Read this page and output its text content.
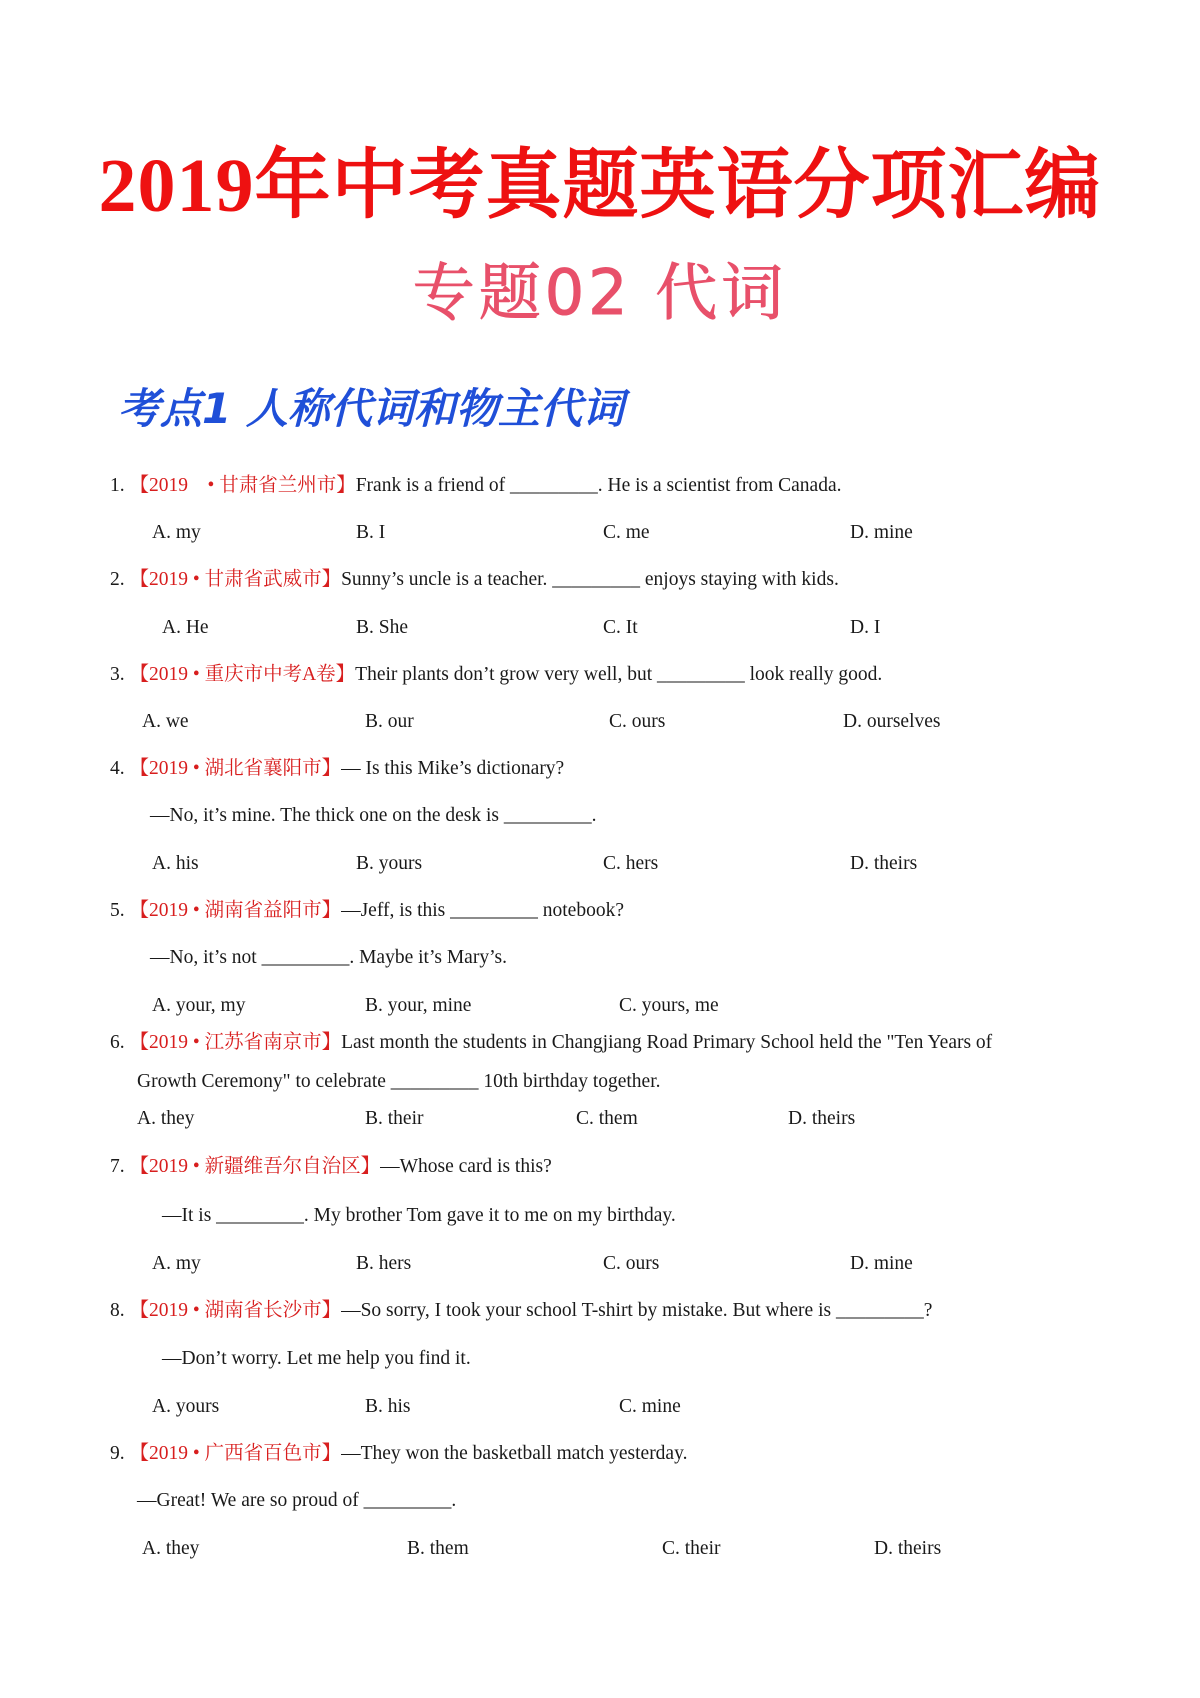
2019年中考真题英语分项汇编
专题02 代词
考点1 人称代词和物主代词
1. 【2019　• 甘肃省兰州市】Frank is a friend of _________. He is a scientist from Canada.
A. my	B. I	C. me	D. mine
2. 【2019 • 甘肃省武威市】Sunny’s uncle is a teacher. _________ enjoys staying with kids.
A. He	B. She	C. It	D. I
3. 【2019 • 重庆市中考A卷】Their plants don’t grow very well, but _________ look really good.
A. we	B. our	C. ours	D. ourselves
4. 【2019 • 湖北省襄阳市】— Is this Mike’s dictionary?
—No, it’s mine. The thick one on the desk is _________.
A. his	B. yours	C. hers	D. theirs
5. 【2019 • 湖南省益阳市】—Jeff, is this _________ notebook?
—No, it’s not _________. Maybe it’s Mary’s.
A. your, my	B. your, mine	C. yours, me
6. 【2019 • 江苏省南京市】Last month the students in Changjiang Road Primary School held the "Ten Years of
Growth Ceremony" to celebrate _________ 10th birthday together.
A. they	B. their	C. them	D. theirs
7. 【2019 • 新疆维吾尔自治区】—Whose card is this?
—It is _________. My brother Tom gave it to me on my birthday.
A. my	B. hers	C. ours	D. mine
8. 【2019 • 湖南省长沙市】—So sorry, I took your school T-shirt by mistake. But where is _________?
—Don’t worry. Let me help you find it.
A. yours	B. his	C. mine
9. 【2019 • 广西省百色市】—They won the basketball match yesterday.
—Great! We are so proud of _________.
A. they	B. them	C. their	D. theirs
